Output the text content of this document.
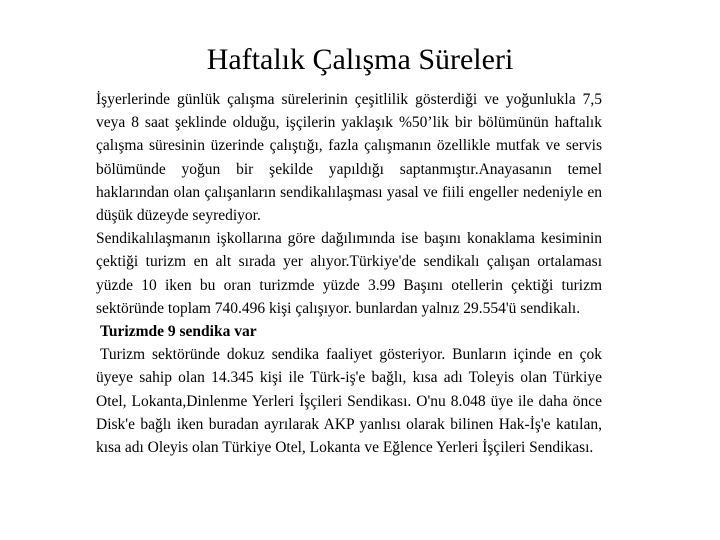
Haftalık Çalışma Süreleri

İşyerlerinde günlük çalışma sürelerinin çeşitlilik gösterdiği ve yoğunlukla 7,5 veya 8 saat şeklinde olduğu, işçilerin yaklaşık %50’lik bir bölümünün haftalık çalışma süresinin üzerinde çalıştığı, fazla çalışmanın özellikle mutfak ve servis bölümünde yoğun bir şekilde yapıldığı saptanmıştır.Anayasanın temel haklarından olan çalışanların sendikalılaşması yasal ve fiili engeller nedeniyle en düşük düzeyde seyrediyor.

Sendikalılaşmanın işkollarına göre dağılımında ise başını konaklama kesiminin çektiği turizm en alt sırada yer alıyor.Türkiye'de sendikalı çalışan ortalaması yüzde 10 iken bu oran turizmde yüzde 3.99 Başını otellerin çektiği turizm sektöründe toplam 740.496 kişi çalışıyor. bunlardan yalnız 29.554'ü sendikalı.

Turizmde 9 sendika var

Turizm sektöründe dokuz sendika faaliyet gösteriyor. Bunların içinde en çok üyeye sahip olan 14.345 kişi ile Türk-iş'e bağlı, kısa adı Toleyis olan Türkiye Otel, Lokanta,Dinlenme Yerleri İşçileri Sendikası. O'nu 8.048 üye ile daha önce Disk'e bağlı iken buradan ayrılarak AKP yanlısı olarak bilinen Hak-İş'e katılan, kısa adı Oleyis olan Türkiye Otel, Lokanta ve Eğlence Yerleri İşçileri Sendikası.
